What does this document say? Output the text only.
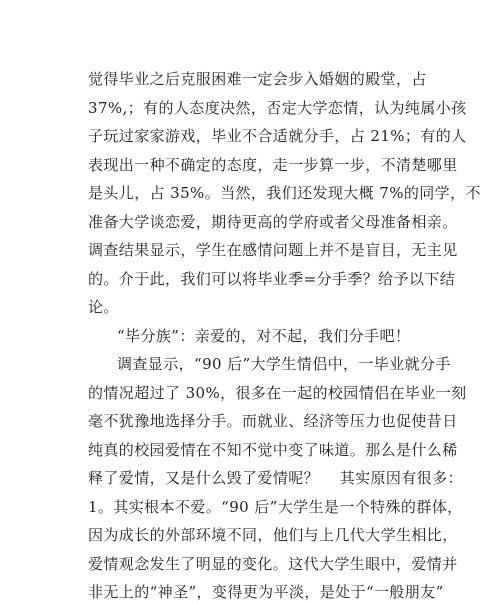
觉得毕业之后克服困难一定会步入婚姻的殿堂，占
37%,；有的人态度决然，否定大学恋情，认为纯属小孩
子玩过家家游戏，毕业不合适就分手，占 21%；有的人
表现出一种不确定的态度，走一步算一步，不清楚哪里
是头儿，占 35%。当然，我们还发现大概 7%的同学，不
准备大学谈恋爱，期待更高的学府或者父母准备相亲。
调查结果显示，学生在感情问题上并不是盲目，无主见
的。介于此，我们可以将毕业季=分手季？给予以下结
论。
“毕分族”：亲爱的，对不起，我们分手吧！
调查显示，“90 后”大学生情侣中，一毕业就分手
的情况超过了 30%，很多在一起的校园情侣在毕业一刻
毫不犹豫地选择分手。而就业、经济等压力也促使昔日
纯真的校园爱情在不知不觉中变了味道。那么是什么稀
释了爱情，又是什么毁了爱情呢？    其实原因有很多：
1。其实根本不爱。“90 后”大学生是一个特殊的群体，
因为成长的外部环境不同，他们与上几代大学生相比，
爱情观念发生了明显的变化。这代大学生眼中，爱情并
非无上的“神圣”，变得更为平淡，是处于“一般朋友”
